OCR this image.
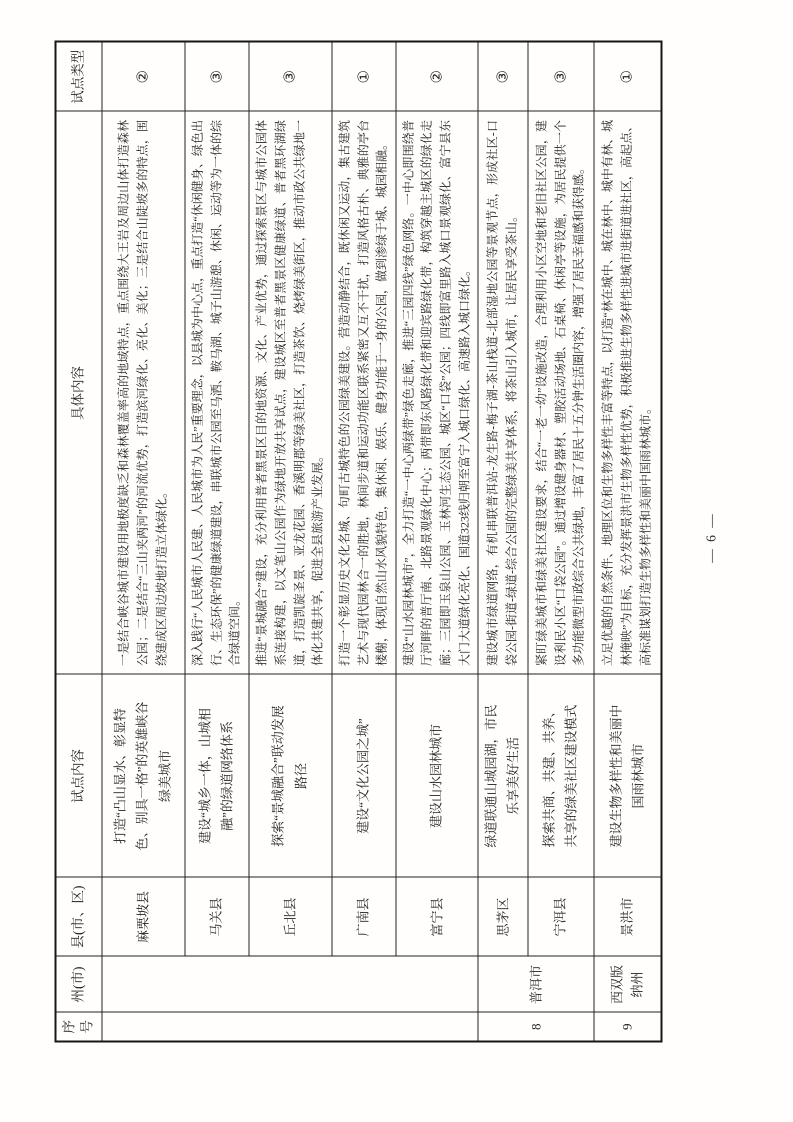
序号	州(市)	县(市、区)	试点内容	具体内容	试点类型
		麻栗坡县	打造“凸山显水、彰显特色、别具一格”的英雄峡谷绿美城市	一是结合峡谷城市建设用地极度缺乏和森林覆盖率高的地域特点，重点围绕大王岩及周边山体打造森林公园；二是结合“三山夹两河”的河流优势，打造滨河绿化、亮化、美化；三是结合山陡坡多的特点，围绕建成区周边坡地打造立体绿化。	②
		马关县	建设“城乡一体，山城相融”的绿道网络体系	深入践行“人民城市人民建、人民城市为人民”重要理念，以县城为中心点，重点打造“休闲健身、绿色出行、生态环保”的健康绿道建设，串联城市公园至马洒、鞍马湖、城子山游憩、休闲、运动等为一体的综合绿道空间。	③
		丘北县	探索“景城融合”联动发展路径	推进“景城融合”建设，充分利用普者黑景区目的地资源、文化、产业优势，通过探索景区与城市公园体系连接构建，以文笔山公园作为绿地开放共享试点，建设城区至普者黑景区健康绿道、普者黑环湖绿道，打造凯旋圣景、亚龙花园、香溪明郡等绿美社区，打造茶饮、烧烤绿美街区，推动市政公共绿地一体化共建共享，促进全县旅游产业发展。	③
		广南县	建设“文化公园之城”	打造一个彰显历史文化名城、句町古城特色的公园绿美建设。营造动静结合，既休闲又运动，集古建筑艺术与现代园林合一的胜地，林间步道和运动功能区联系紧密又互不干扰，打造风格古朴、典雅的亭台楼榭，体现自然山水风貌特色，集休闲、娱乐、健身功能于一身的公园，做到渗绿于城、城园相融。	①
		富宁县	建设山水园林城市	建设“山水园林城市”，全力打造“一中心两绿带”绿色走廊，推进“三园四线”绿色网络。一中心即围绕普厅河畔的普厅南、北路景观绿化中心；两带即东风路绿化带和迎宾路绿化带，构筑穿越主城区的绿化走廊；三园即玉泉山公园、玉林河生态公园、城区“口袋”公园；四线即富里路入城口景观绿化、富宁县东大门大道绿化亮化、国道323线归朝至富宁入城口绿化、高速路入城口绿化。	②
8	普洱市	思茅区	绿道联通山城园湖，市民乐享美好生活	建设城市绿道网络，有机串联普洱站-龙生路-梅子湖-茶山栈道-北部湿地公园等景观节点，形成社区-口袋公园-街道-绿道-综合公园的完整绿美共享体系，将茶山引入城市，让居民享受茶山。	③
		宁洱县	探索共商、共建、共养、共享的绿美社区建设模式	紧盯绿美城市和绿美社区建设要求，结合“一老一幼”设施改造，合理利用小区空地和老旧社区公园，建设利民小区“口袋公园”。通过增设健身器材、塑胶活动场地、石桌椅、休闲亭等设施，为居民提供一个多功能微型市政综合公共绿地，丰富了居民十五分钟生活圈内容，增强了居民幸福感和获得感。	③
9	西双版纳州	景洪市	建设生物多样性和美丽中国雨林城市	立足优越的自然条件、地理区位和生物多样性丰富等特点，以打造“林在城中、城在林中、城中有林、城林掩映”为目标，充分发挥景洪市生物多样性优势，积极推进生物多样性进城市进街道进社区，高起点、高标准谋划打造生物多样性和美丽中国雨林城市。	①
— 6 —
